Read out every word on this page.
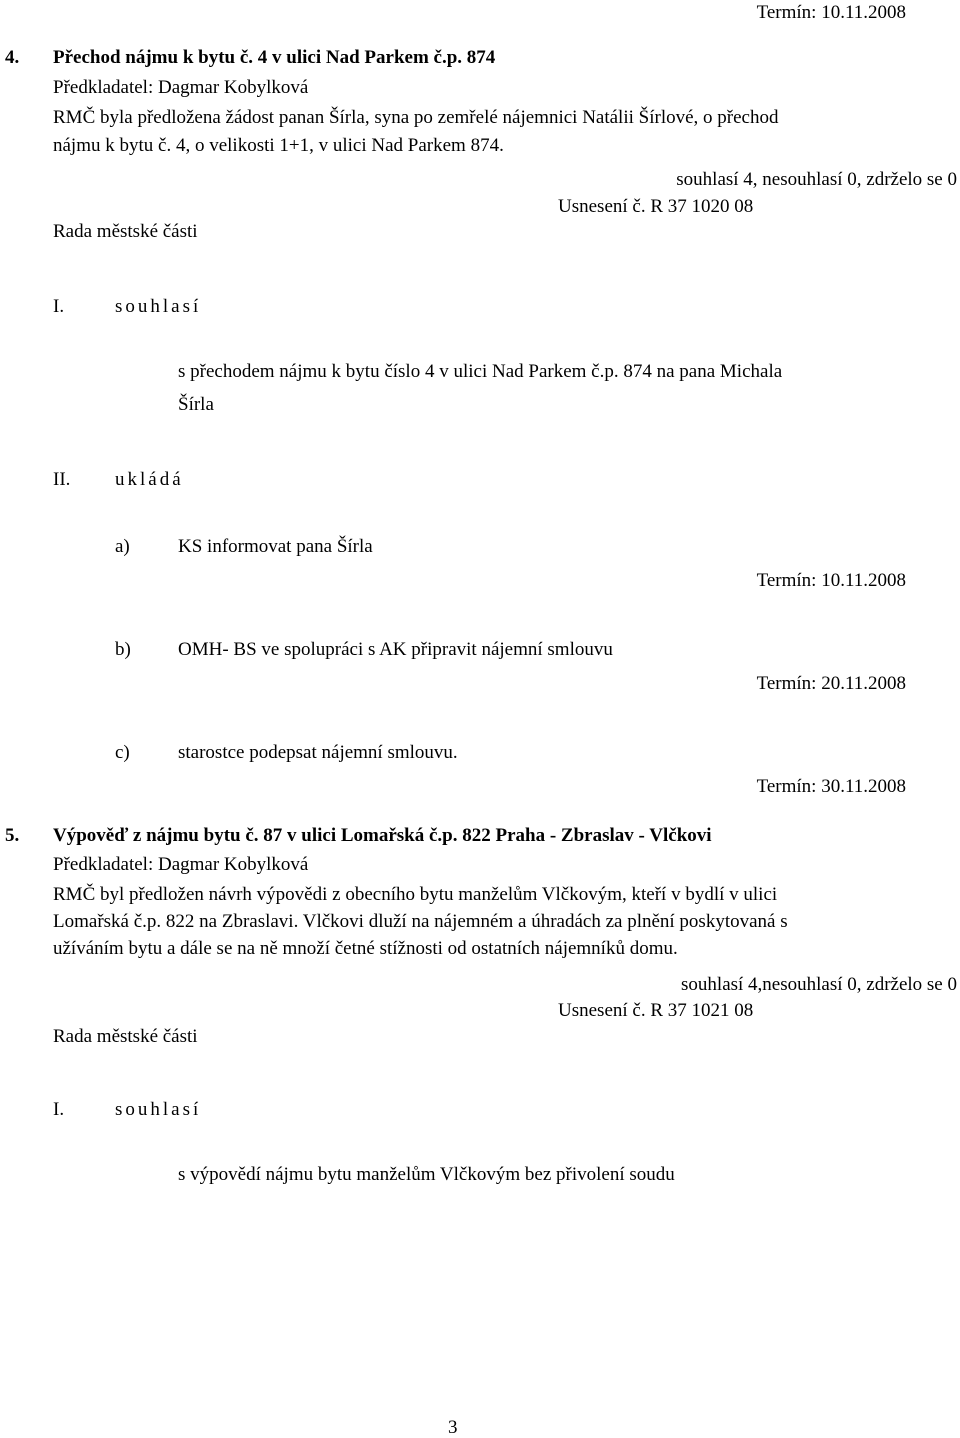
Termín: 10.11.2008
4. Přechod nájmu k bytu č. 4 v ulici Nad Parkem č.p. 874
Předkladatel: Dagmar Kobylková
RMČ byla předložena žádost panan Šírla, syna po zemřelé nájemnici Natálii Šírlové, o přechod
nájmu k bytu č. 4, o velikosti 1+1, v ulici Nad Parkem 874.
souhlasí 4, nesouhlasí 0, zdrželo se 0
Usnesení č. R 37 1020 08
Rada městské části
I.	souhlasí
s přechodem nájmu k bytu číslo 4 v ulici Nad Parkem č.p. 874 na pana Michala
Šírla
II. ukládá
a)	KS informovat pana Šírla
Termín: 10.11.2008
b) OMH- BS ve spolupráci s AK připravit nájemní smlouvu
Termín: 20.11.2008
c)	starostce podepsat nájemní smlouvu.
Termín: 30.11.2008
5. Výpověď z nájmu bytu č. 87 v ulici Lomařská č.p. 822 Praha - Zbraslav - Vlčkovi
Předkladatel: Dagmar Kobylková
RMČ byl předložen návrh výpovědi z obecního bytu manželům Vlčkovým, kteří v bydlí v ulici
Lomařská č.p. 822 na Zbraslavi. Vlčkovi dluží na nájemném a úhradách za plnění poskytovaná s
užíváním bytu a dále se na ně množí četné stížnosti od ostatních nájemníků domu.
souhlasí 4,nesouhlasí 0, zdrželo se 0
Usnesení č. R 37 1021 08
Rada městské části
I.	souhlasí
s výpovědí nájmu bytu manželům Vlčkovým bez přivolení soudu
3
